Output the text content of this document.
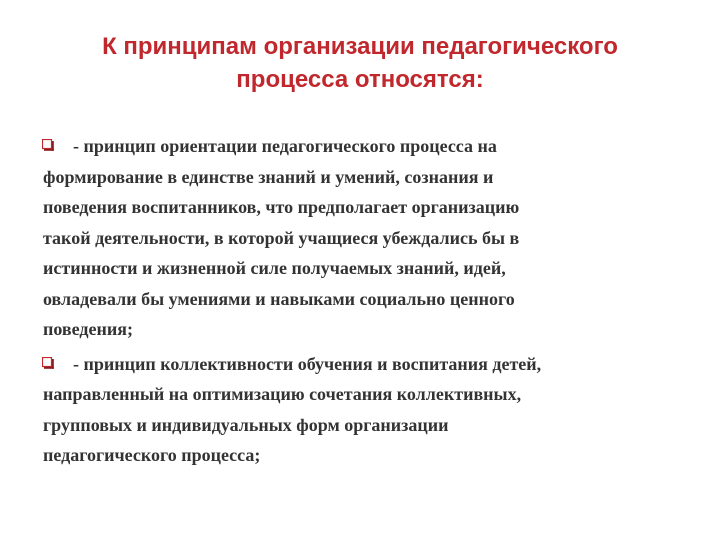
К принципам организации педагогического
процесса относятся:

- принцип ориентации педагогического процесса на
формирование в единстве знаний и умений, сознания и
поведения воспитанников, что предполагает организацию
такой деятельности, в которой учащиеся убеждались бы в
истинности и жизненной силе получаемых знаний, идей,
овладевали бы умениями и навыками социально ценного
поведения;

- принцип коллективности обучения и воспитания детей,
направленный на оптимизацию сочетания коллективных,
групповых и индивидуальных форм организации
педагогического процесса;
